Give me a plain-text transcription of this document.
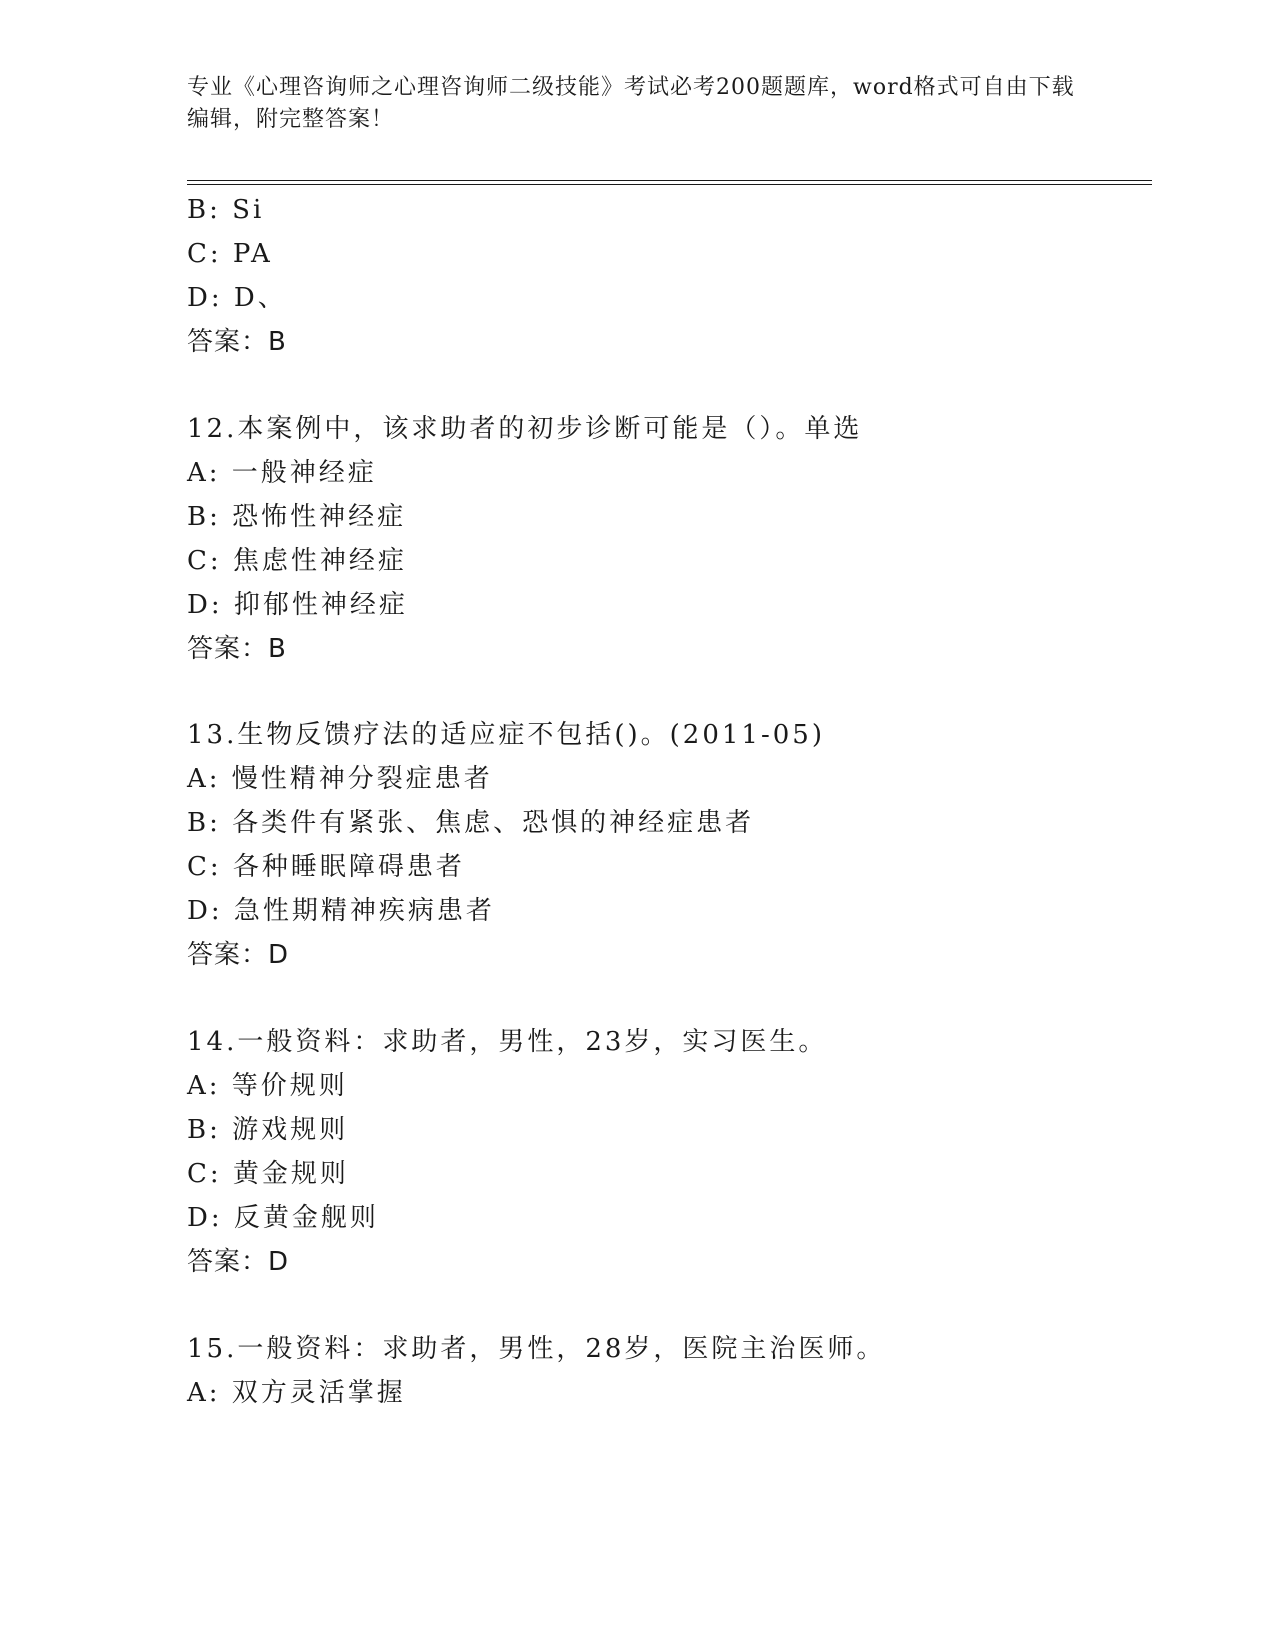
专业《心理咨询师之心理咨询师二级技能》考试必考200题题库，word格式可自由下载编辑，附完整答案！
B: Si
C: PA
D: D、
答案：B
12.本案例中，该求助者的初步诊断可能是（）。单选
A: 一般神经症
B: 恐怖性神经症
C: 焦虑性神经症
D: 抑郁性神经症
答案：B
13.生物反馈疗法的适应症不包括()。(2011-05)
A: 慢性精神分裂症患者
B: 各类件有紧张、焦虑、恐惧的神经症患者
C: 各种睡眠障碍患者
D: 急性期精神疾病患者
答案：D
14.一般资料：求助者，男性，23岁，实习医生。
A: 等价规则
B: 游戏规则
C: 黄金规则
D: 反黄金舰则
答案：D
15.一般资料：求助者，男性，28岁，医院主治医师。
A: 双方灵活掌握
